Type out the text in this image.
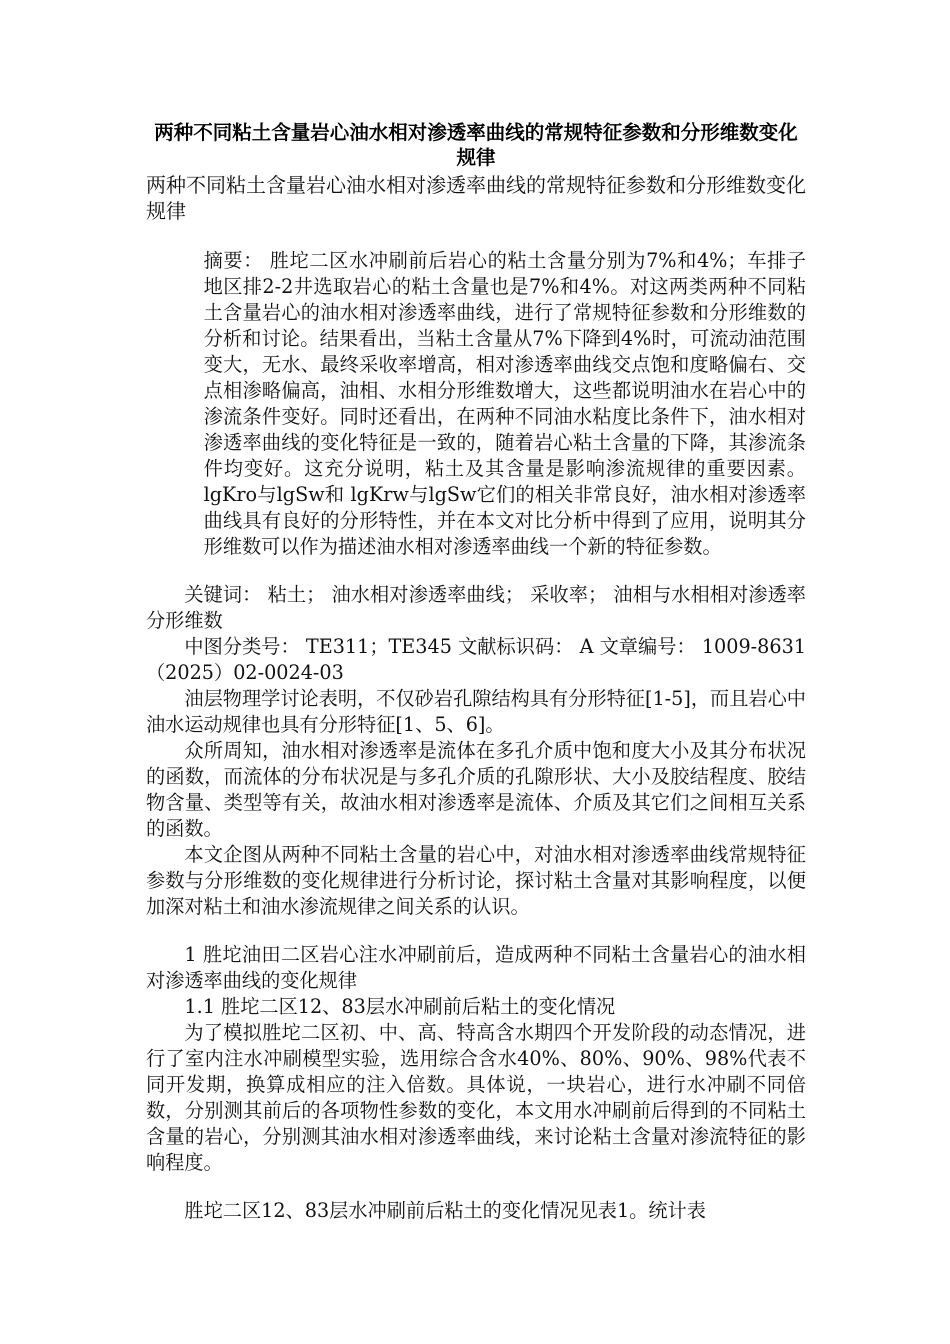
两种不同粘土含量岩心油水相对渗透率曲线的常规特征参数和分形维数变化规律
两种不同粘土含量岩心油水相对渗透率曲线的常规特征参数和分形维数变化规律

摘要： 胜坨二区水冲刷前后岩心的粘土含量分别为7%和4%；车排子地区排2-2井选取岩心的粘土含量也是7%和4%。对这两类两种不同粘土含量岩心的油水相对渗透率曲线，进行了常规特征参数和分形维数的分析和讨论。结果看出，当粘土含量从7%下降到4%时，可流动油范围变大，无水、最终采收率增高，相对渗透率曲线交点饱和度略偏右、交点相渗略偏高，油相、水相分形维数增大，这些都说明油水在岩心中的渗流条件变好。同时还看出，在两种不同油水粘度比条件下，油水相对渗透率曲线的变化特征是一致的，随着岩心粘土含量的下降，其渗流条件均变好。这充分说明，粘土及其含量是影响渗流规律的重要因素。lgKro与lgSw和 lgKrw与lgSw它们的相关非常良好，油水相对渗透率曲线具有良好的分形特性，并在本文对比分析中得到了应用，说明其分形维数可以作为描述油水相对渗透率曲线一个新的特征参数。

关键词： 粘土； 油水相对渗透率曲线； 采收率； 油相与水相相对渗透率分形维数

中图分类号： TE311；TE345 文献标识码： A 文章编号： 1009-8631（2025）02-0024-03

油层物理学讨论表明，不仅砂岩孔隙结构具有分形特征[1-5]，而且岩心中油水运动规律也具有分形特征[1、5、6]。

众所周知，油水相对渗透率是流体在多孔介质中饱和度大小及其分布状况的函数，而流体的分布状况是与多孔介质的孔隙形状、大小及胶结程度、胶结物含量、类型等有关，故油水相对渗透率是流体、介质及其它们之间相互关系的函数。

本文企图从两种不同粘土含量的岩心中，对油水相对渗透率曲线常规特征参数与分形维数的变化规律进行分析讨论，探讨粘土含量对其影响程度，以便加深对粘土和油水渗流规律之间关系的认识。

1 胜坨油田二区岩心注水冲刷前后，造成两种不同粘土含量岩心的油水相对渗透率曲线的变化规律

1.1 胜坨二区12、83层水冲刷前后粘土的变化情况

为了模拟胜坨二区初、中、高、特高含水期四个开发阶段的动态情况，进行了室内注水冲刷模型实验，选用综合含水40%、80%、90%、98%代表不同开发期，换算成相应的注入倍数。具体说，一块岩心，进行水冲刷不同倍数，分别测其前后的各项物性参数的变化，本文用水冲刷前后得到的不同粘土含量的岩心，分别测其油水相对渗透率曲线，来讨论粘土含量对渗流特征的影响程度。

胜坨二区12、83层水冲刷前后粘土的变化情况见表1。统计表
